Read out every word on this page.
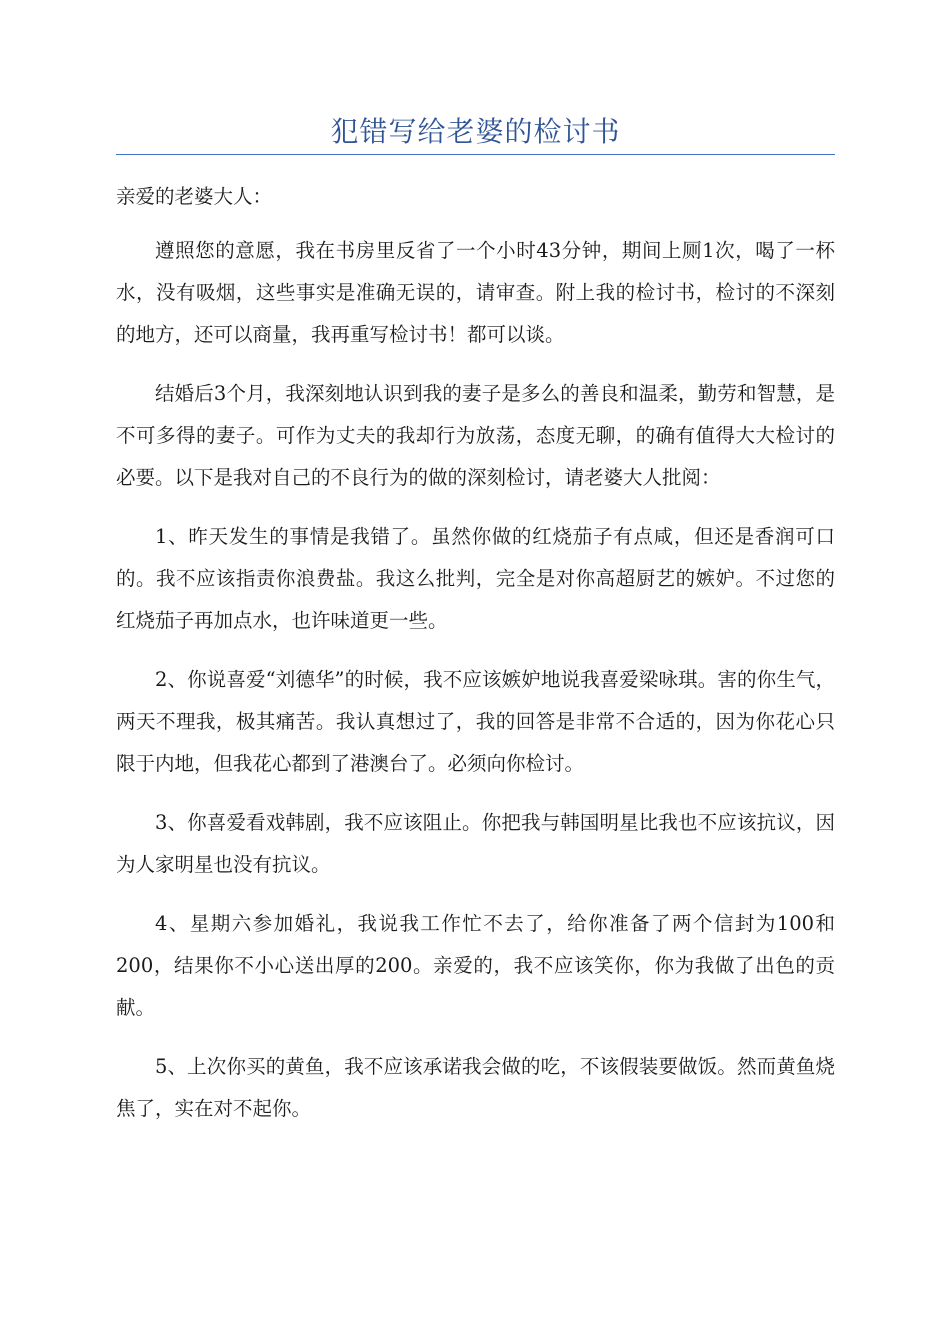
犯错写给老婆的检讨书

亲爱的老婆大人：

遵照您的意愿，我在书房里反省了一个小时43分钟，期间上厕1次，喝了一杯水，没有吸烟，这些事实是准确无误的，请审查。附上我的检讨书，检讨的不深刻的地方，还可以商量，我再重写检讨书！都可以谈。

结婚后3个月，我深刻地认识到我的妻子是多么的善良和温柔，勤劳和智慧，是不可多得的妻子。可作为丈夫的我却行为放荡，态度无聊，的确有值得大大检讨的必要。以下是我对自己的不良行为的做的深刻检讨，请老婆大人批阅：

1、昨天发生的事情是我错了。虽然你做的红烧茄子有点咸，但还是香润可口的。我不应该指责你浪费盐。我这么批判，完全是对你高超厨艺的嫉妒。不过您的红烧茄子再加点水，也许味道更一些。

2、你说喜爱“刘德华”的时候，我不应该嫉妒地说我喜爱梁咏琪。害的你生气，两天不理我，极其痛苦。我认真想过了，我的回答是非常不合适的，因为你花心只限于内地，但我花心都到了港澳台了。必须向你检讨。

3、你喜爱看戏韩剧，我不应该阻止。你把我与韩国明星比我也不应该抗议，因为人家明星也没有抗议。

4、星期六参加婚礼，我说我工作忙不去了，给你准备了两个信封为100和200，结果你不小心送出厚的200。亲爱的，我不应该笑你，你为我做了出色的贡献。

5、上次你买的黄鱼，我不应该承诺我会做的吃，不该假装要做饭。然而黄鱼烧焦了，实在对不起你。
